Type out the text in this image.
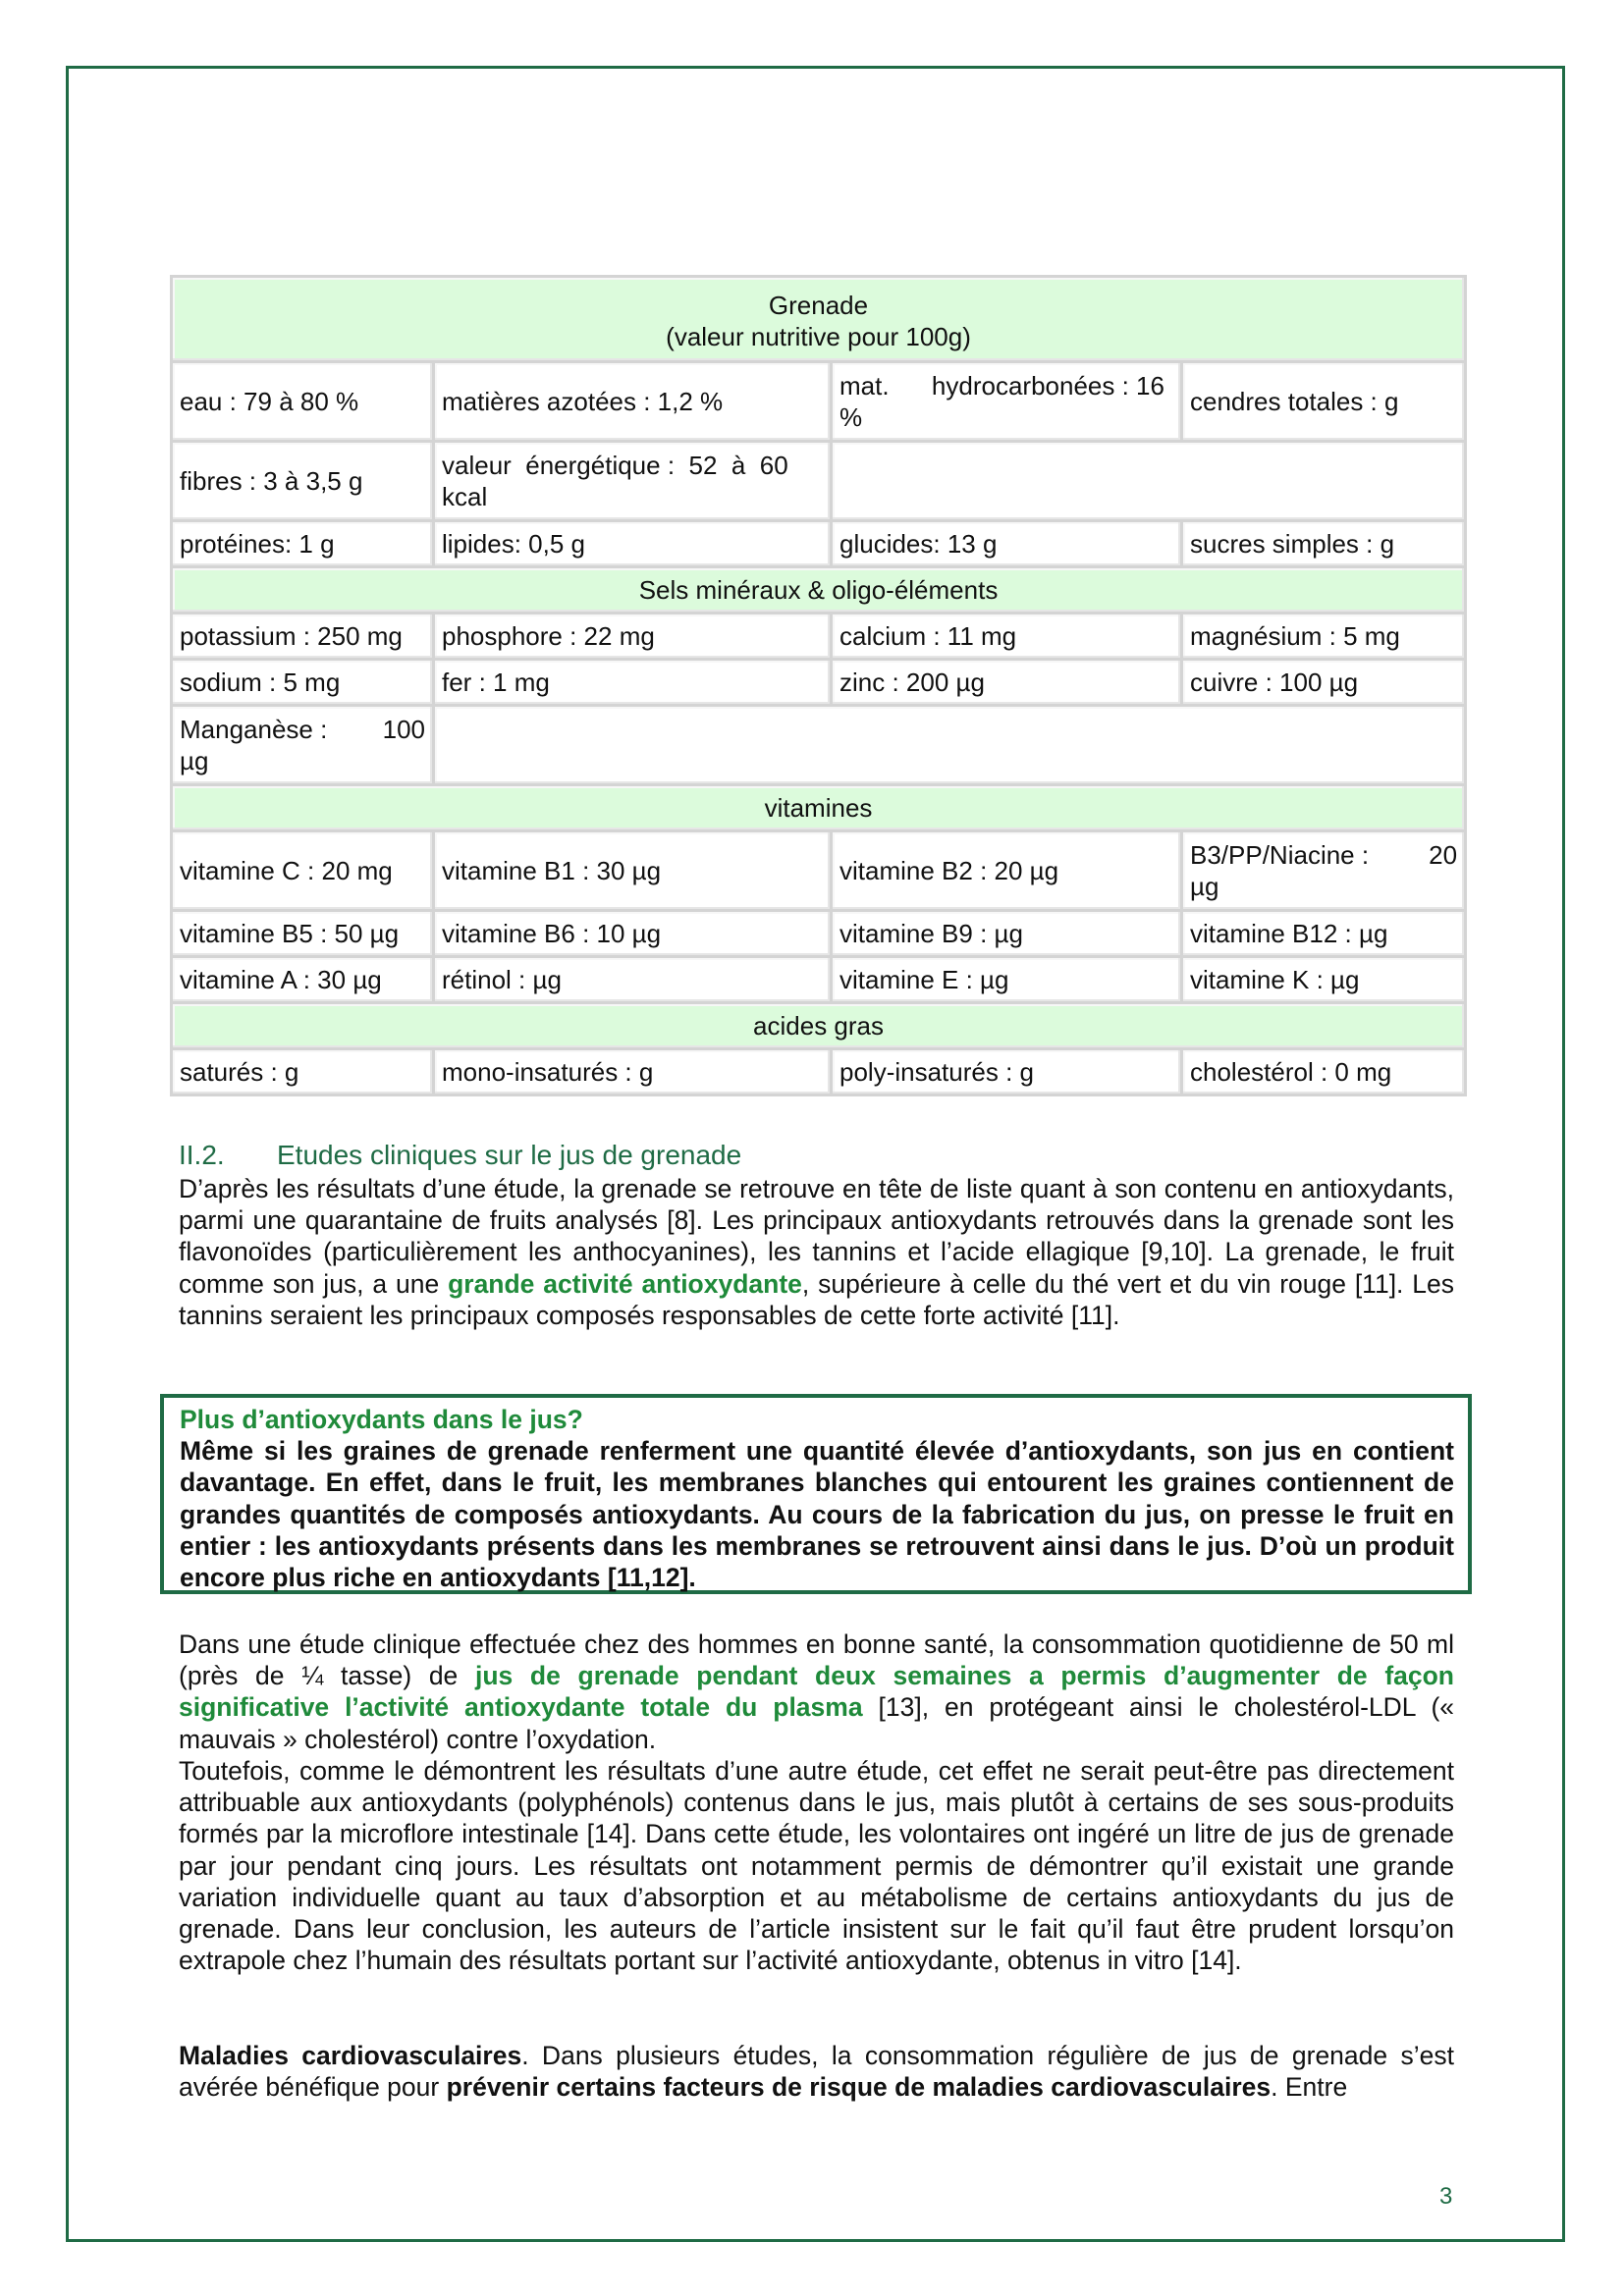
Grenade
(valeur nutritive pour 100g)			

eau : 79 à 80 %	matières azotées : 1,2 %	mat.      hydrocarbonées : 16 %	cendres totales : g
fibres : 3 à 3,5 g	valeur  énergétique :  52  à  60 kcal		
protéines: 1 g	lipides: 0,5 g	glucides: 13 g	sucres simples : g
Sels minéraux & oligo-éléments			
potassium : 250 mg	phosphore : 22 mg	calcium : 11 mg	magnésium : 5 mg
sodium : 5 mg	fer : 1 mg	zinc : 200 µg	cuivre : 100 µg

Manganèse : 100
µg			

vitamines			
vitamine C : 20 mg	vitamine B1 : 30 µg	vitamine B2 : 20 µg	B3/PP/Niacine : 20
µg

vitamine B5 : 50 µg	vitamine B6 : 10 µg	vitamine B9 : µg	vitamine B12 : µg
vitamine A : 30 µg	rétinol : µg	vitamine E : µg	vitamine K : µg
acides gras			
saturés : g	mono-insaturés : g	poly-insaturés : g	cholestérol : 0 mg
II.2. Etudes cliniques sur le jus de grenade
D’après les résultats d’une étude, la grenade se retrouve en tête de liste quant à son contenu en antioxydants, parmi une quarantaine de fruits analysés [8]. Les principaux antioxydants retrouvés dans la grenade sont les flavonoïdes (particulièrement les anthocyanines), les tannins et l’acide ellagique [9,10]. La grenade, le fruit comme son jus, a une grande activité antioxydante, supérieure à celle du thé vert et du vin rouge [11]. Les tannins seraient les principaux composés responsables de cette forte activité [11].
Plus d’antioxydants dans le jus?
Même si les graines de grenade renferment une quantité élevée d’antioxydants, son jus en contient davantage. En effet, dans le fruit, les membranes blanches qui entourent les graines contiennent de grandes quantités de composés antioxydants. Au cours de la fabrication du jus, on presse le fruit en entier : les antioxydants présents dans les membranes se retrouvent ainsi dans le jus. D’où un produit encore plus riche en antioxydants [11,12].
Dans une étude clinique effectuée chez des hommes en bonne santé, la consommation quotidienne de 50 ml (près de ¼ tasse) de jus de grenade pendant deux semaines a permis d’augmenter de façon significative l’activité antioxydante totale du plasma [13], en protégeant ainsi le cholestérol-LDL (« mauvais » cholestérol) contre l’oxydation.
Toutefois, comme le démontrent les résultats d’une autre étude, cet effet ne serait peut-être pas directement attribuable aux antioxydants (polyphénols) contenus dans le jus, mais plutôt à certains de ses sous-produits formés par la microflore intestinale [14]. Dans cette étude, les volontaires ont ingéré un litre de jus de grenade par jour pendant cinq jours. Les résultats ont notamment permis de démontrer qu’il existait une grande variation individuelle quant au taux d’absorption et au métabolisme de certains antioxydants du jus de grenade. Dans leur conclusion, les auteurs de l’article insistent sur le fait qu’il faut être prudent lorsqu’on extrapole chez l’humain des résultats portant sur l’activité antioxydante, obtenus in vitro [14].
Maladies cardiovasculaires. Dans plusieurs études, la consommation régulière de jus de grenade s’est avérée bénéfique pour prévenir certains facteurs de risque de maladies cardiovasculaires. Entre
3
